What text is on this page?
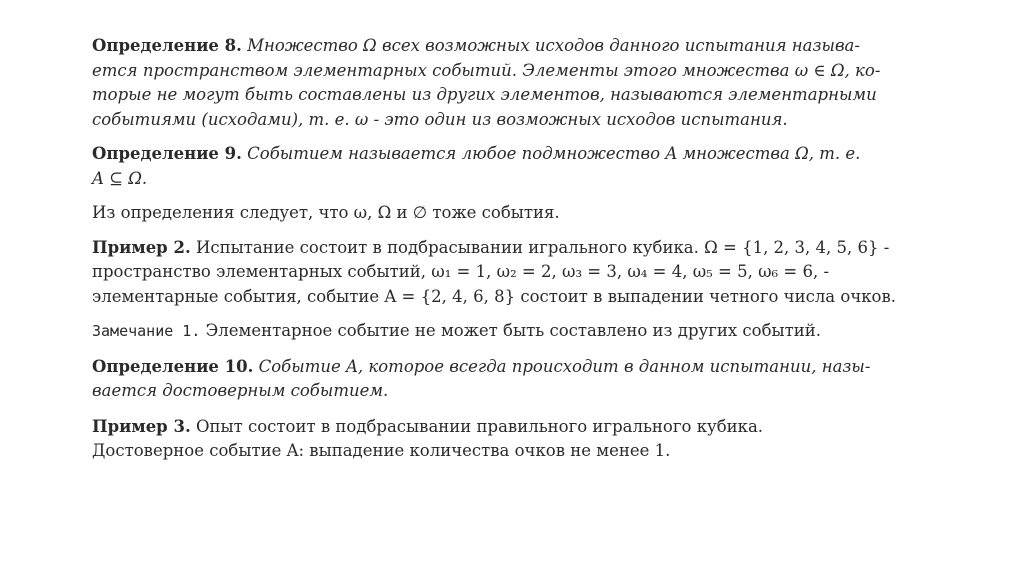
Определение 8. Множество Ω всех возможных исходов данного испытания называ-
ется пространством элементарных событий. Элементы этого множества ω ∈ Ω, ко-
торые не могут быть составлены из других элементов, называются элементарными
событиями (исходами), т. е. ω - это один из возможных исходов испытания.
Определение 9. Событием называется любое подмножество A множества Ω, т. е.
A ⊆ Ω.
Из определения следует, что ω, Ω и ∅ тоже события.
Пример 2. Испытание состоит в подбрасывании игрального кубика. Ω = {1, 2, 3, 4, 5, 6} -
пространство элементарных событий, ω₁ = 1, ω₂ = 2, ω₃ = 3, ω₄ = 4, ω₅ = 5, ω₆ = 6, -
элементарные события, событие A = {2, 4, 6, 8} состоит в выпадении четного числа очков.
Замечание 1. Элементарное событие не может быть составлено из других событий.
Определение 10. Событие A, которое всегда происходит в данном испытании, назы-
вается достоверным событием.
Пример 3. Опыт состоит в подбрасывании правильного игрального кубика.
Достоверное событие A: выпадение количества очков не менее 1.
